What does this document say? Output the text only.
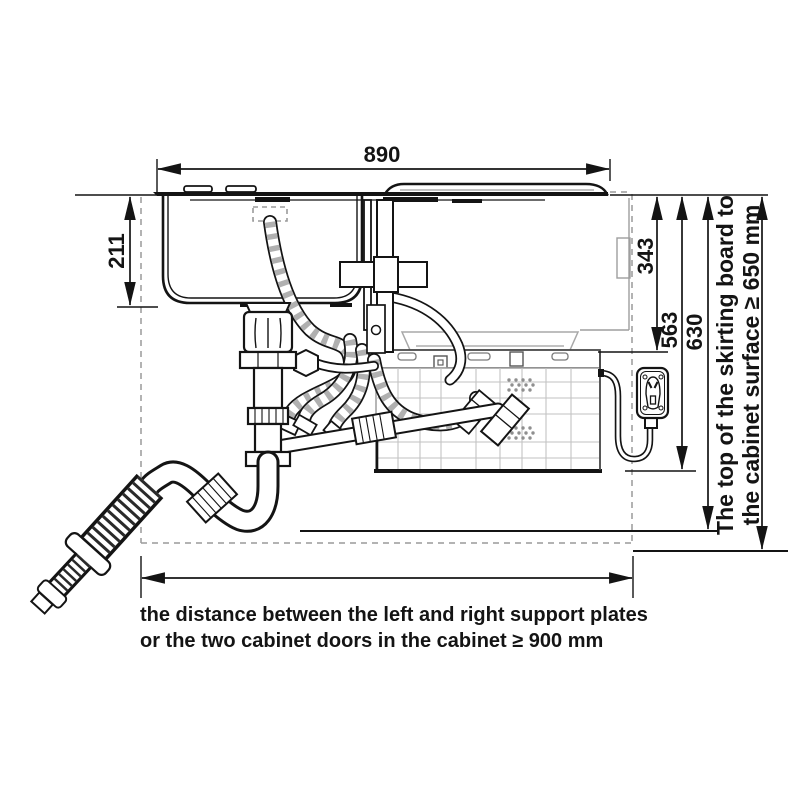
890
211	343
563 630 The top of the skirting board to the cabinet surface ≥ 650 mm
the distance between the left and right support plates
or the two cabinet doors in the cabinet ≥ 900 mm
